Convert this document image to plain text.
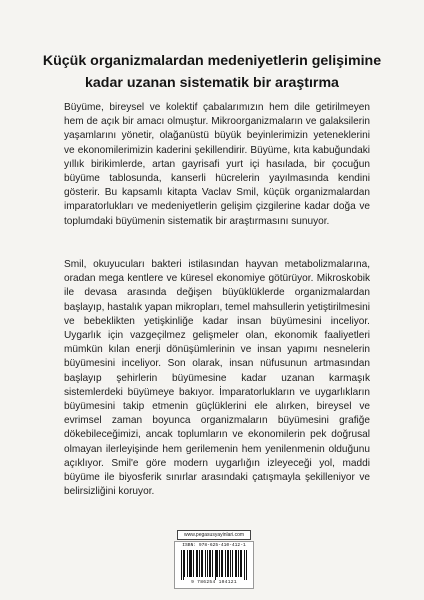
Küçük organizmalardan medeniyetlerin gelişimine kadar uzanan sistematik bir araştırma

Büyüme, bireysel ve kolektif çabalarımızın hem dile getirilmeyen hem de açık bir amacı olmuştur. Mikroorganizmaların ve galaksilerin yaşamlarını yönetir, olağanüstü büyük beyinlerimizin yeteneklerini ve ekonomilerimizin kaderini şekillendirir. Büyüme, kıta kabuğundaki yıllık birikimlerde, artan gayrisafi yurt içi hasılada, bir çocuğun büyüme tablosunda, kanserli hücrelerin yayılmasında kendini gösterir. Bu kapsamlı kitapta Vaclav Smil, küçük organizmalardan imparatorlukları ve medeniyetlerin gelişim çizgilerine kadar doğa ve toplumdaki büyümenin sistematik bir araştırmasını sunuyor.

Smil, okuyucuları bakteri istilasından hayvan metabolizmalarına, oradan mega kentlere ve küresel ekonomiye götürüyor. Mikroskobik ile devasa arasında değişen büyüklüklerde organizmalardan başlayıp, hastalık yapan mikropları, temel mahsullerin yetiştirilmesini ve bebeklikten yetişkinliğe kadar insan büyümesini inceliyor. Uygarlık için vazgeçilmez gelişmeler olan, ekonomik faaliyetleri mümkün kılan enerji dönüşümlerinin ve insan yapımı nesnelerin büyümesini inceliyor. Son olarak, insan nüfusunun artmasından başlayıp şehirlerin büyümesine kadar uzanan karmaşık sistemlerdeki büyümeye bakıyor. İmparatorlukların ve uygarlıkların büyümesini takip etmenin güçlüklerini ele alırken, bireysel ve evrimsel zaman boyunca organizmaların büyümesini grafiğe dökebileceğimizi, ancak toplumların ve ekonomilerin pek doğrusal olmayan ilerleyişinde hem gerilemenin hem yenilenmenin olduğunu açıklıyor. Smil'e göre modern uygarlığın izleyeceği yol, maddi büyüme ile biyosferik sınırlar arasındaki çatışmayla şekilleniyor ve belirsizliğini koruyor.

www.pegasusyayinlari.com
ISBN: 978-625-410-412-1
9 786254 104121
